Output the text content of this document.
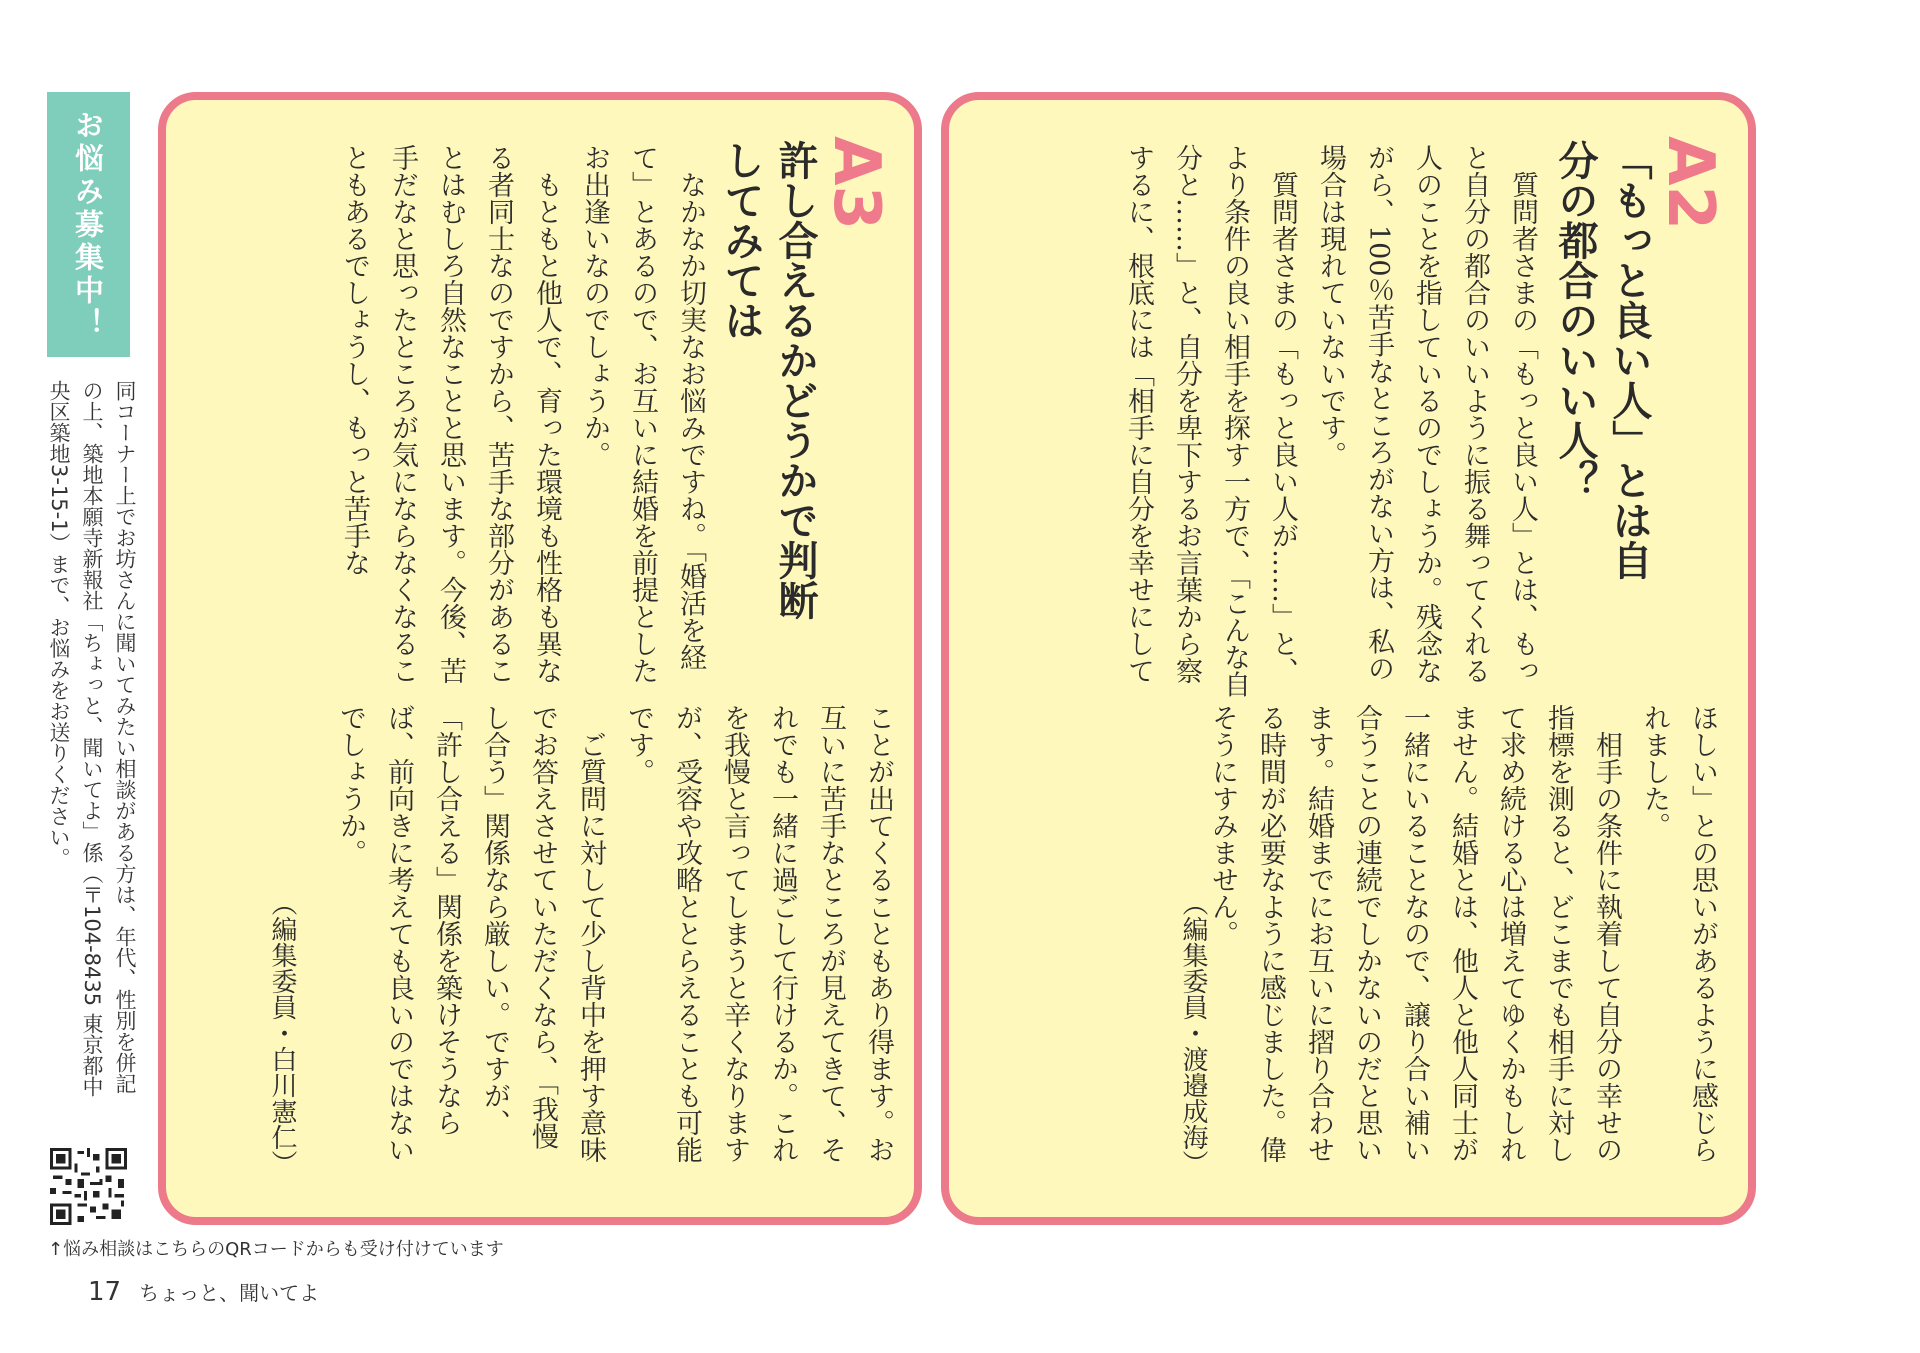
お悩み募集中！
同コーナー上でお坊さんに聞いてみたい相談がある方は、年代、性別を併記の上、築地本願寺新報社「ちょっと、聞いてよ」係（〒104-8435 東京都中央区築地3-15-1）まで、お悩みをお送りください。
↑悩み相談はこちらのQRコードからも受け付けています
17 ちょっと、聞いてよ
A3
許し合えるかどうかで判断してみては

なかなか切実なお悩みですね。「婚活を経て」とあるので、お互いに結婚を前提としたお出逢いなのでしょうか。

もともと他人で、育った環境も性格も異なる者同士なのですから、苦手な部分があることはむしろ自然なことと思います。今後、苦手だなと思ったところが気にならなくなることもあるでしょうし、もっと苦手な

ことが出てくることもあり得ます。お互いに苦手なところが見えてきて、それでも一緒に過ごして行けるか。これを我慢と言ってしまうと辛くなりますが、受容や攻略ととらえることも可能です。

ご質問に対して少し背中を押す意味でお答えさせていただくなら、「我慢し合う」関係なら厳しい。ですが、「許し合える」関係を築けそうならば、前向きに考えても良いのではないでしょうか。

（編集委員・白川憲仁）
A2
「もっと良い人」とは自分の都合のいい人？

質問者さまの「もっと良い人」とは、もっと自分の都合のいいように振る舞ってくれる人のことを指しているのでしょうか。残念ながら、100％苦手なところがない方は、私の場合は現れていないです。

質問者さまの「もっと良い人が……」と、より条件の良い相手を探す一方で、「こんな自分と……」と、自分を卑下するお言葉から察するに、根底には「相手に自分を幸せにして

ほしい」との思いがあるように感じられました。

相手の条件に執着して自分の幸せの指標を測ると、どこまでも相手に対して求め続ける心は増えてゆくかもしれません。結婚とは、他人と他人同士が一緒にいることなので、譲り合い補い合うことの連続でしかないのだと思います。結婚までにお互いに摺り合わせる時間が必要なように感じました。偉そうにすみません。

（編集委員・渡邉成海）
